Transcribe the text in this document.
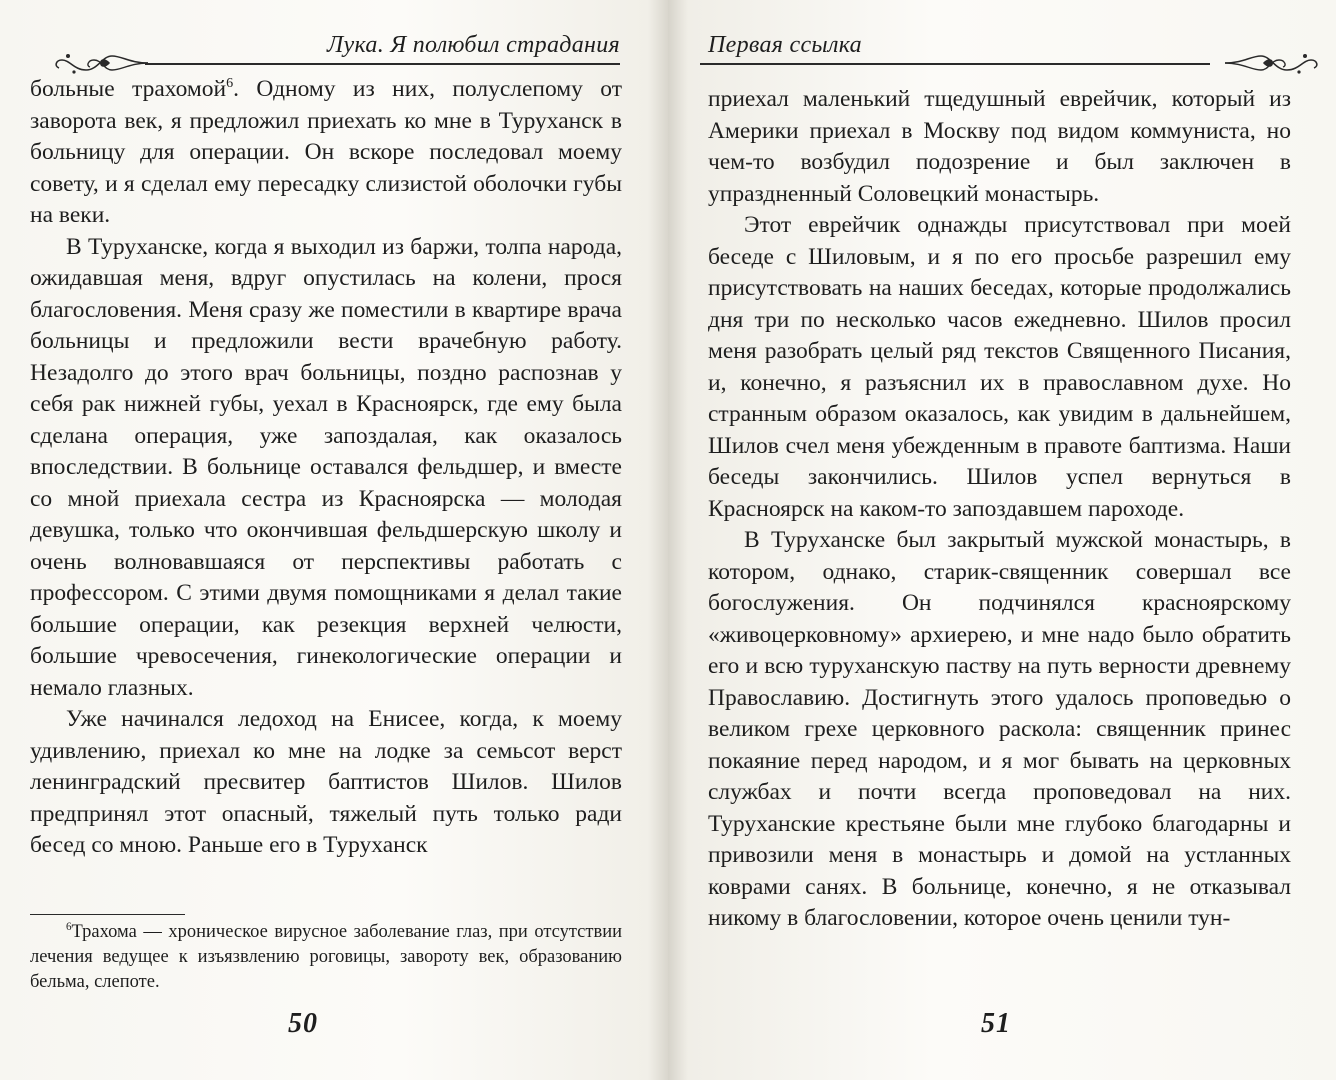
Лука. Я полюбил страдания

больные трахомой$^6$. Одному из них, полуслепому от заворота век, я предложил приехать ко мне в Туруханск в больницу для операции. Он вскоре последовал моему совету, и я сделал ему пересадку слизистой оболочки губы на веки.

В Туруханске, когда я выходил из баржи, толпа народа, ожидавшая меня, вдруг опустилась на колени, прося благословения. Меня сразу же поместили в квартире врача больницы и предложили вести врачебную работу. Незадолго до этого врач больницы, поздно распознав у себя рак нижней губы, уехал в Красноярск, где ему была сделана операция, уже запоздалая, как оказалось впоследствии. В больнице оставался фельдшер, и вместе со мной приехала сестра из Красноярска — молодая девушка, только что окончившая фельдшерскую школу и очень волновавшаяся от перспективы работать с профессором. С этими двумя помощниками я делал такие большие операции, как резекция верхней челюсти, большие чревосечения, гинекологические операции и немало глазных.

Уже начинался ледоход на Енисее, когда, к моему удивлению, приехал ко мне на лодке за семьсот верст ленинградский пресвитер баптистов Шилов. Шилов предпринял этот опасный, тяжелый путь только ради бесед со мною. Раньше его в Туруханск

$^6$Трахома — хроническое вирусное заболевание глаз, при отсутствии лечения ведущее к изъязвлению роговицы, завороту век, образованию бельма, слепоте.

50
Первая ссылка

приехал маленький тщедушный еврейчик, который из Америки приехал в Москву под видом коммуниста, но чем-то возбудил подозрение и был заключен в упраздненный Соловецкий монастырь.

Этот еврейчик однажды присутствовал при моей беседе с Шиловым, и я по его просьбе разрешил ему присутствовать на наших беседах, которые продолжались дня три по несколько часов ежедневно. Шилов просил меня разобрать целый ряд текстов Священного Писания, и, конечно, я разъяснил их в православном духе. Но странным образом оказалось, как увидим в дальнейшем, Шилов счел меня убежденным в правоте баптизма. Наши беседы закончились. Шилов успел вернуться в Красноярск на каком-то запоздавшем пароходе.

В Туруханске был закрытый мужской монастырь, в котором, однако, старик-священник совершал все богослужения. Он подчинялся красноярскому «живоцерковному» архиерею, и мне надо было обратить его и всю туруханскую паству на путь верности древнему Православию. Достигнуть этого удалось проповедью о великом грехе церковного раскола: священник принес покаяние перед народом, и я мог бывать на церковных службах и почти всегда проповедовал на них. Туруханские крестьяне были мне глубоко благодарны и привозили меня в монастырь и домой на устланных коврами санях. В больнице, конечно, я не отказывал никому в благословении, которое очень ценили тун-

51
